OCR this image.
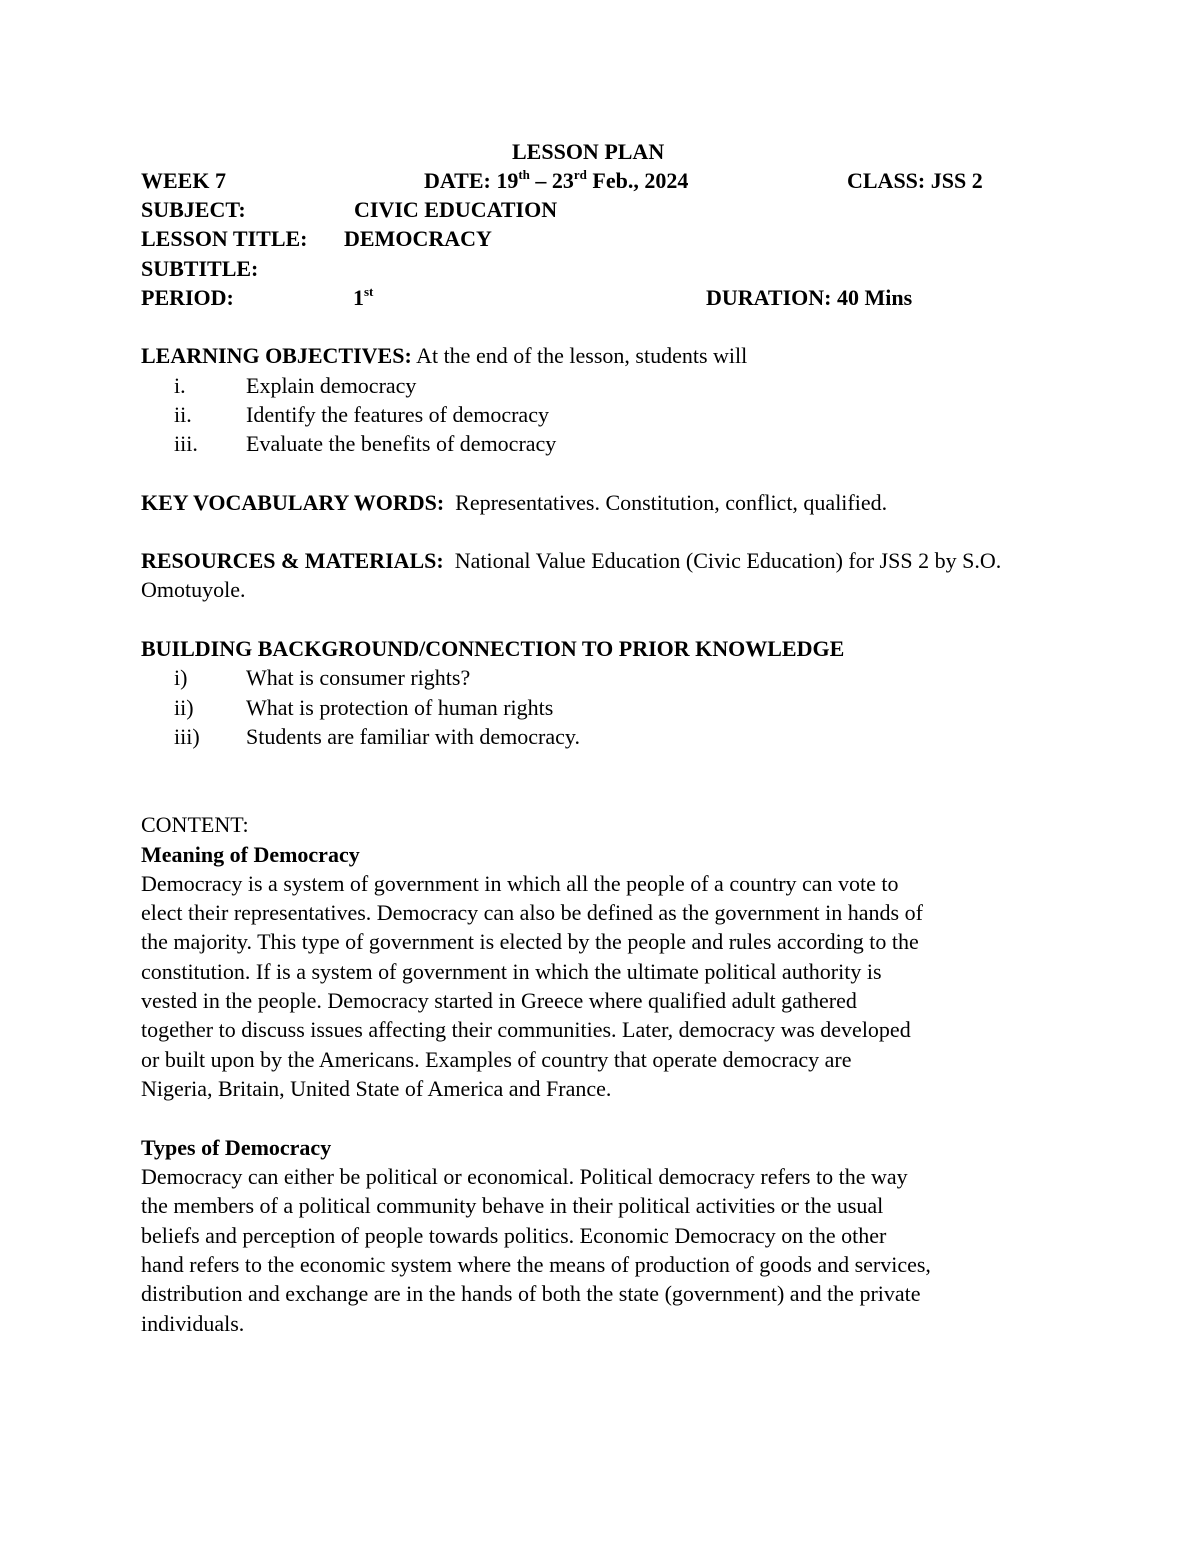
LESSON PLAN
WEEK 7	DATE: 19th – 23rd Feb., 2024	CLASS: JSS 2
SUBJECT:	CIVIC EDUCATION
LESSON TITLE: DEMOCRACY
SUBTITLE:
PERIOD:	1st	DURATION: 40 Mins
LEARNING OBJECTIVES: At the end of the lesson, students will
i.	Explain democracy
ii. Identify the features of democracy
iii. Evaluate the benefits of democracy
KEY VOCABULARY WORDS:  Representatives. Constitution, conflict, qualified.
RESOURCES & MATERIALS:  National Value Education (Civic Education) for JSS 2 by S.O. Omotuyole.
BUILDING BACKGROUND/CONNECTION TO PRIOR KNOWLEDGE
i)	What is consumer rights?
ii) What is protection of human rights
iii) Students are familiar with democracy.
CONTENT:
Meaning of Democracy
Democracy is a system of government in which all the people of a country can vote to
elect their representatives. Democracy can also be defined as the government in hands of
the majority. This type of government is elected by the people and rules according to the
constitution. If is a system of government in which the ultimate political authority is
vested in the people. Democracy started in Greece where qualified adult gathered
together to discuss issues affecting their communities. Later, democracy was developed
or built upon by the Americans. Examples of country that operate democracy are
Nigeria, Britain, United State of America and France.
Types of Democracy
Democracy can either be political or economical. Political democracy refers to the way
the members of a political community behave in their political activities or the usual
beliefs and perception of people towards politics. Economic Democracy on the other
hand refers to the economic system where the means of production of goods and services,
distribution and exchange are in the hands of both the state (government) and the private
individuals.
